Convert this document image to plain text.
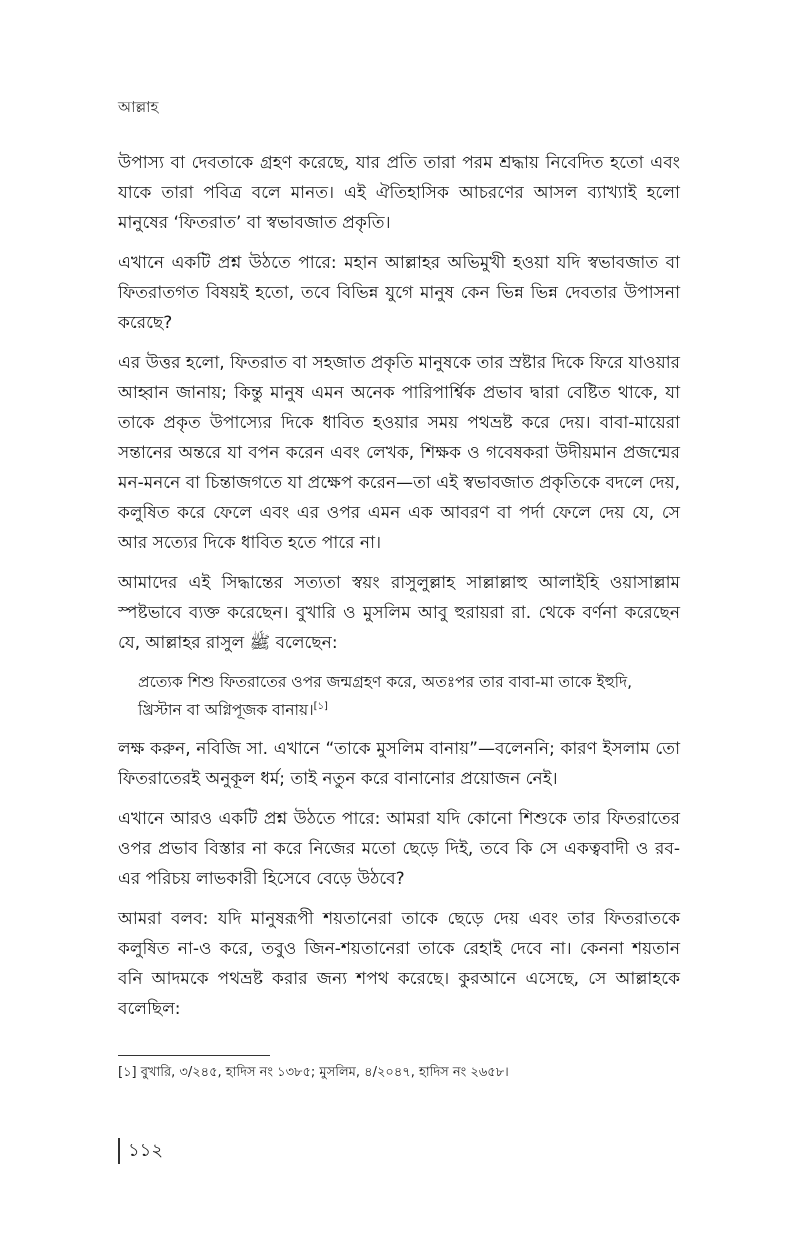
আল্লাহ

উপাস্য বা দেবতাকে গ্রহণ করেছে, যার প্রতি তারা পরম শ্রদ্ধায় নিবেদিত হতো এবং যাকে তারা পবিত্র বলে মানত। এই ঐতিহাসিক আচরণের আসল ব্যাখ্যাই হলো মানুষের ‘ফিতরাত’ বা স্বভাবজাত প্রকৃতি।

এখানে একটি প্রশ্ন উঠতে পারে: মহান আল্লাহর অভিমুখী হওয়া যদি স্বভাবজাত বা ফিতরাতগত বিষয়ই হতো, তবে বিভিন্ন যুগে মানুষ কেন ভিন্ন ভিন্ন দেবতার উপাসনা করেছে?

এর উত্তর হলো, ফিতরাত বা সহজাত প্রকৃতি মানুষকে তার স্রষ্টার দিকে ফিরে যাওয়ার আহ্বান জানায়; কিন্তু মানুষ এমন অনেক পারিপার্শ্বিক প্রভাব দ্বারা বেষ্টিত থাকে, যা তাকে প্রকৃত উপাস্যের দিকে ধাবিত হওয়ার সময় পথভ্রষ্ট করে দেয়। বাবা-মায়েরা সন্তানের অন্তরে যা বপন করেন এবং লেখক, শিক্ষক ও গবেষকরা উদীয়মান প্রজন্মের মন-মননে বা চিন্তাজগতে যা প্রক্ষেপ করেন—তা এই স্বভাবজাত প্রকৃতিকে বদলে দেয়, কলুষিত করে ফেলে এবং এর ওপর এমন এক আবরণ বা পর্দা ফেলে দেয় যে, সে আর সত্যের দিকে ধাবিত হতে পারে না।

আমাদের এই সিদ্ধান্তের সত্যতা স্বয়ং রাসুলুল্লাহ সাল্লাল্লাহু আলাইহি ওয়াসাল্লাম স্পষ্টভাবে ব্যক্ত করেছেন। বুখারি ও মুসলিম আবু হুরায়রা রা. থেকে বর্ণনা করেছেন যে, আল্লাহর রাসুল ﷺ বলেছেন:

প্রত্যেক শিশু ফিতরাতের ওপর জন্মগ্রহণ করে, অতঃপর তার বাবা-মা তাকে ইহুদি, খ্রিস্টান বা অগ্নিপূজক বানায়।[১]

লক্ষ করুন, নবিজি সা. এখানে “তাকে মুসলিম বানায়”—বলেননি; কারণ ইসলাম তো ফিতরাতেরই অনুকূল ধর্ম; তাই নতুন করে বানানোর প্রয়োজন নেই।

এখানে আরও একটি প্রশ্ন উঠতে পারে: আমরা যদি কোনো শিশুকে তার ফিতরাতের ওপর প্রভাব বিস্তার না করে নিজের মতো ছেড়ে দিই, তবে কি সে একত্ববাদী ও রব-এর পরিচয় লাভকারী হিসেবে বেড়ে উঠবে?

আমরা বলব: যদি মানুষরূপী শয়তানেরা তাকে ছেড়ে দেয় এবং তার ফিতরাতকে কলুষিত না-ও করে, তবুও জিন-শয়তানেরা তাকে রেহাই দেবে না। কেননা শয়তান বনি আদমকে পথভ্রষ্ট করার জন্য শপথ করেছে। কুরআনে এসেছে, সে আল্লাহকে বলেছিল:

[১] বুখারি, ৩/২৪৫, হাদিস নং ১৩৮৫; মুসলিম, ৪/২০৪৭, হাদিস নং ২৬৫৮।
১১২
